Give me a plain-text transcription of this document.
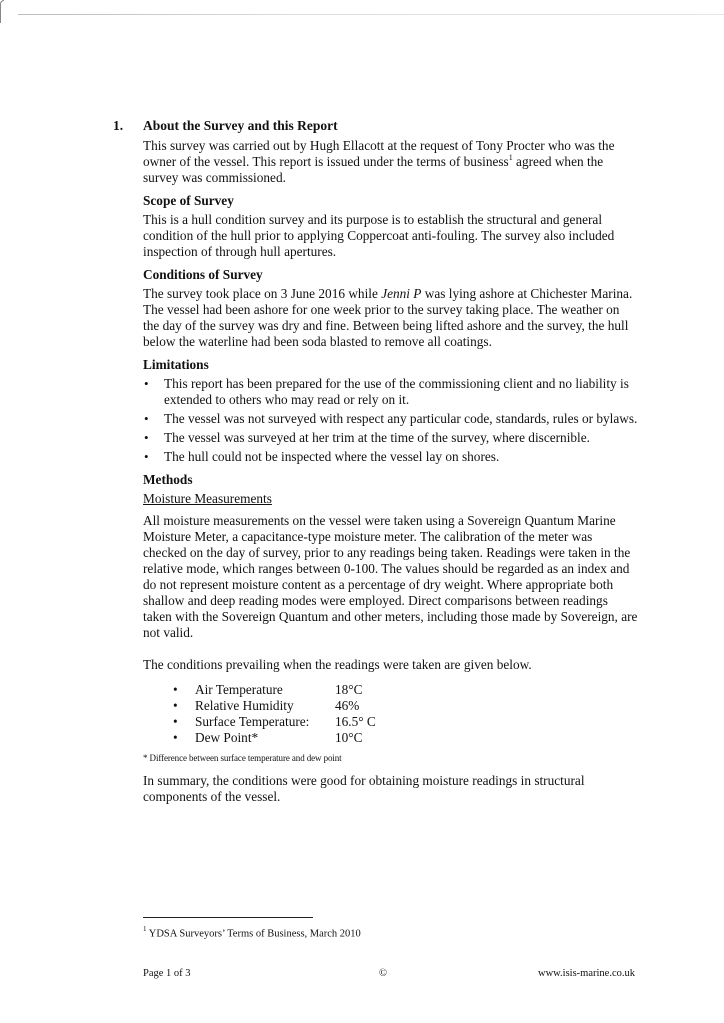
1. About the Survey and this Report

This survey was carried out by Hugh Ellacott at the request of Tony Procter who was the owner of the vessel. This report is issued under the terms of business$^1$ agreed when the survey was commissioned.

Scope of Survey

This is a hull condition survey and its purpose is to establish the structural and general condition of the hull prior to applying Coppercoat anti-fouling. The survey also included inspection of through hull apertures.

Conditions of Survey

The survey took place on 3 June 2016 while Jenni P was lying ashore at Chichester Marina. The vessel had been ashore for one week prior to the survey taking place. The weather on the day of the survey was dry and fine. Between being lifted ashore and the survey, the hull below the waterline had been soda blasted to remove all coatings.

Limitations
• This report has been prepared for the use of the commissioning client and no liability is extended to others who may read or rely on it.
• The vessel was not surveyed with respect any particular code, standards, rules or bylaws.
• The vessel was surveyed at her trim at the time of the survey, where discernible.
• The hull could not be inspected where the vessel lay on shores.
Methods

Moisture Measurements

All moisture measurements on the vessel were taken using a Sovereign Quantum Marine Moisture Meter, a capacitance-type moisture meter. The calibration of the meter was checked on the day of survey, prior to any readings being taken. Readings were taken in the relative mode, which ranges between 0-100. The values should be regarded as an index and do not represent moisture content as a percentage of dry weight. Where appropriate both shallow and deep reading modes were employed. Direct comparisons between readings taken with the Sovereign Quantum and other meters, including those made by Sovereign, are not valid.

The conditions prevailing when the readings were taken are given below.

•	Air Temperature	18°C
•	Relative Humidity	46%
•	Surface Temperature:	16.5° C
•	Dew Point*	10°C

* Difference between surface temperature and dew point

In summary, the conditions were good for obtaining moisture readings in structural components of the vessel.

$^1$ YDSA Surveyors’ Terms of Business, March 2010
Page 1 of 3	©	www.isis-marine.co.uk
